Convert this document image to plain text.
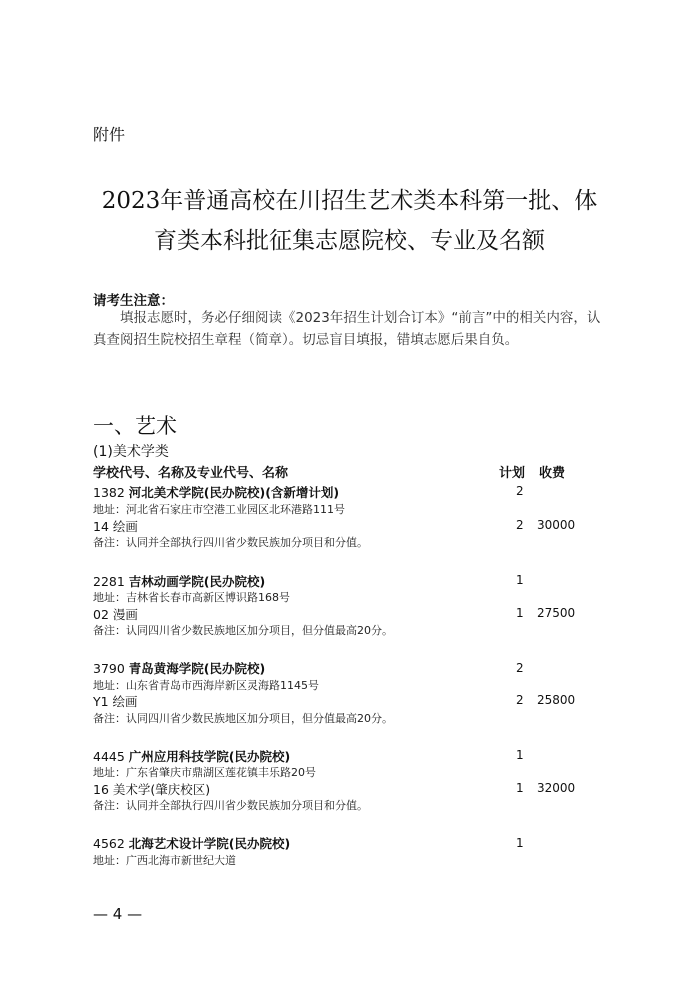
附件
2023年普通高校在川招生艺术类本科第一批、体
育类本科批征集志愿院校、专业及名额
请考生注意：
填报志愿时，务必仔细阅读《2023年招生计划合订本》“前言”中的相关内容，认真查阅招生院校招生章程（简章）。切忌盲目填报，错填志愿后果自负。
一、艺术
(1)美术学类
学校代号、名称及专业代号、名称	计划 收费
1382 河北美术学院(民办院校)(含新增计划)	2
地址：河北省石家庄市空港工业园区北环港路111号
14 绘画	2 30000
备注：认同并全部执行四川省少数民族加分项目和分值。
2281 吉林动画学院(民办院校)	1
地址：吉林省长春市高新区博识路168号
02 漫画	1 27500
备注：认同四川省少数民族地区加分项目，但分值最高20分。
3790 青岛黄海学院(民办院校)	2
地址：山东省青岛市西海岸新区灵海路1145号
Y1 绘画	2 25800
备注：认同四川省少数民族地区加分项目，但分值最高20分。
4445 广州应用科技学院(民办院校)	1
地址：广东省肇庆市鼎湖区莲花镇丰乐路20号
16 美术学(肇庆校区)	1 32000
备注：认同并全部执行四川省少数民族加分项目和分值。
4562 北海艺术设计学院(民办院校)	1
地址：广西北海市新世纪大道
— 4 —
